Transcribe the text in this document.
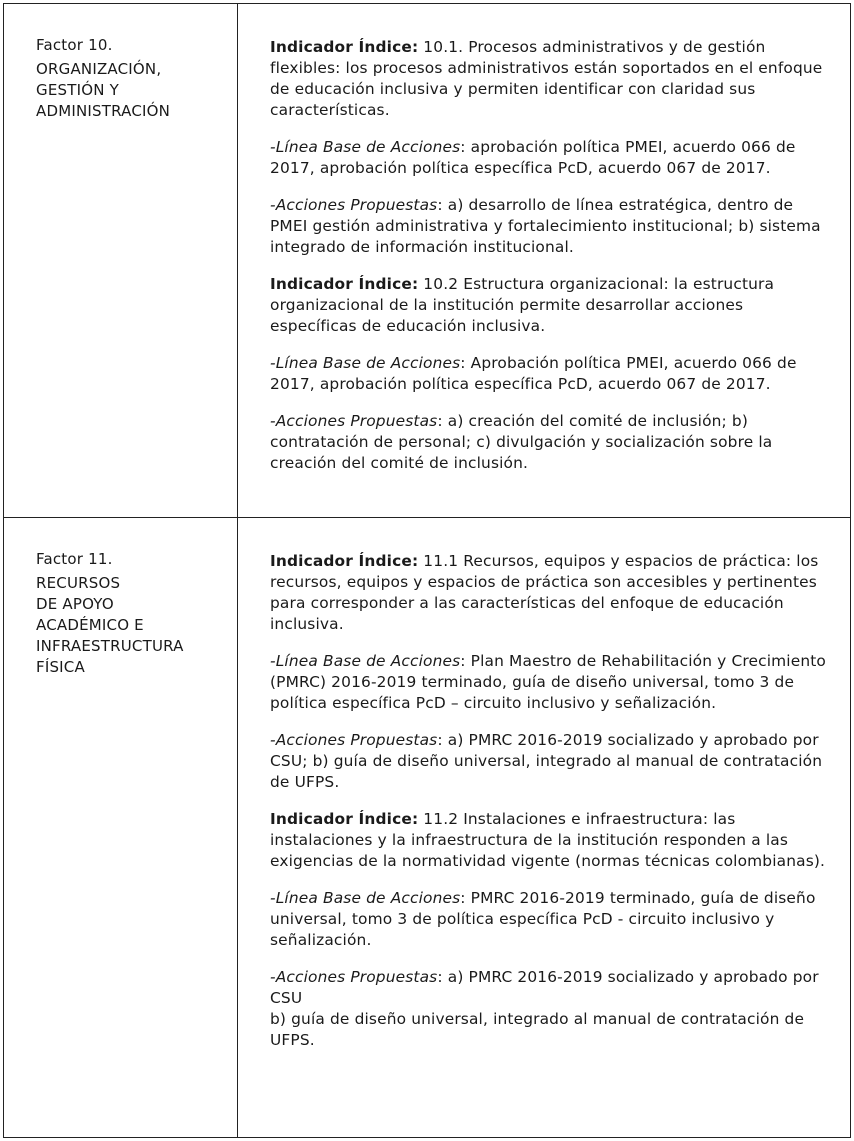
Factor 10.
ORGANIZACIÓN,
GESTIÓN Y
ADMINISTRACIÓN

Indicador Índice: 10.1. Procesos administrativos y de gestión flexibles: los procesos administrativos están soportados en el enfoque de educación inclusiva y permiten identificar con claridad sus características.

-Línea Base de Acciones: aprobación política PMEI, acuerdo 066 de 2017, aprobación política específica PcD, acuerdo 067 de 2017.

-Acciones Propuestas: a) desarrollo de línea estratégica, dentro de PMEI gestión administrativa y fortalecimiento institucional; b) sistema integrado de información institucional.

Indicador Índice: 10.2 Estructura organizacional: la estructura organizacional de la institución permite desarrollar acciones específicas de educación inclusiva.

-Línea Base de Acciones: Aprobación política PMEI, acuerdo 066 de 2017, aprobación política específica PcD, acuerdo 067 de 2017.

-Acciones Propuestas: a) creación del comité de inclusión; b) contratación de personal; c) divulgación y socialización sobre la creación del comité de inclusión.

Factor 11.
RECURSOS
DE APOYO
ACADÉMICO E
INFRAESTRUCTURA
FÍSICA

Indicador Índice: 11.1 Recursos, equipos y espacios de práctica: los recursos, equipos y espacios de práctica son accesibles y pertinentes para corresponder a las características del enfoque de educación inclusiva.

-Línea Base de Acciones: Plan Maestro de Rehabilitación y Crecimiento (PMRC) 2016-2019 terminado, guía de diseño universal, tomo 3 de política específica PcD – circuito inclusivo y señalización.

-Acciones Propuestas: a) PMRC 2016-2019 socializado y aprobado por CSU; b) guía de diseño universal, integrado al manual de contratación de UFPS.

Indicador Índice: 11.2 Instalaciones e infraestructura: las instalaciones y la infraestructura de la institución responden a las exigencias de la normatividad vigente (normas técnicas colombianas).

-Línea Base de Acciones: PMRC 2016-2019 terminado, guía de diseño universal, tomo 3 de política específica PcD - circuito inclusivo y señalización.

-Acciones Propuestas: a) PMRC 2016-2019 socializado y aprobado por CSU
b) guía de diseño universal, integrado al manual de contratación de UFPS.
